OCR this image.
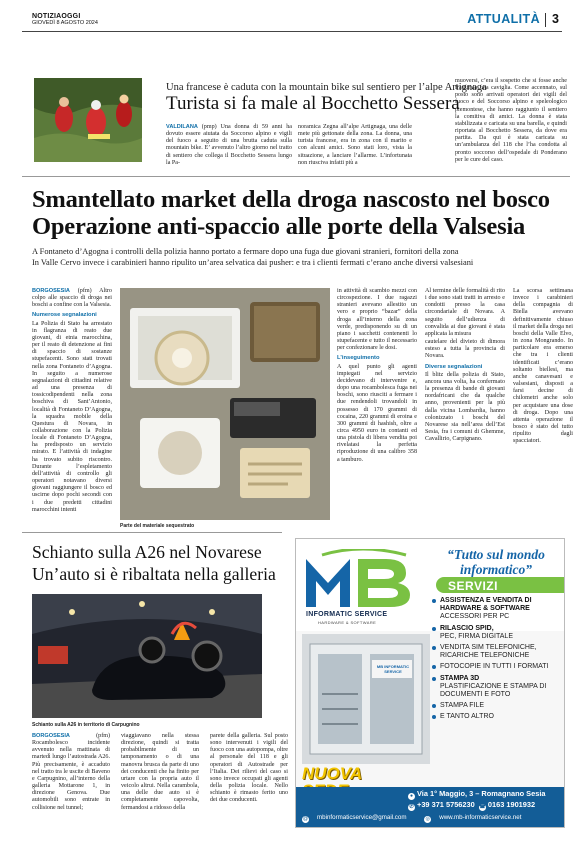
NOTIZIAOGGI
GIOVEDÌ 8 AGOSTO 2024	ATTUALITÀ 3
Una francese è caduta con la mountain bike sul sentiero per l’alpe Artignaga
Turista si fa male al Bocchetto Sessera
VALDILANA (pmp) Una donna di 59 anni ha dovuto essere aiutata da Soccorso alpino e vigili del fuoco a seguito di una brutta caduta sulla mountain bike. E’ avvenuto l’altro giorno nel tratto di sentiero che collega il Bocchetto Sessera lungo la Pa-
noramica Zegna all’alpe Artignaga, una delle mete più gettonate della zona. La donna, una turista francese, era in zona con il marito e con alcuni amici. Sono stati loro, vista la situazione, a lanciare l’allarme. L’infortunata non riusciva infatti più a
muoversi, c’era il sospetto che si fosse anche fratturata una caviglia. Come accennato, sul posto sono arrivati operatori dei vigili del fuoco e del Soccorso alpino e speleologico piemontese, che hanno raggiunto il sentiero la comitiva di amici. La donna è stata stabilizzata e caricata su una barella, e quindi riportata al Bocchetto Sessera, da dove era partita. Da qui è stata caricata su un’ambulanza del 118 che l’ha condotta al pronto soccorso dell’ospedale di Ponderano per le cure del caso.
Smantellato market della droga nascosto nel bosco
Operazione anti-spaccio alle porte della Valsesia
A Fontaneto d’Agogna i controlli della polizia hanno portato a fermare dopo una fuga due giovani stranieri, fornitori della zona
In Valle Cervo invece i carabinieri hanno ripulito un’area selvatica dai pusher: e tra i clienti fermati c’erano anche diversi valsesiani

BORGOSESIA (pfm) Altro colpo alle spaccio di droga nei boschi a confine con la Valsesia.

Numerose segnalazioni

La Polizia di Stato ha arrestato in flagranza di reato due giovani, di etnia marocchina, per il reato di detenzione ai fini di spaccio di sostanze stupefacenti. Sono stati trovati nella zona Fontaneto d’Agogna. In seguito a numerose segnalazioni di cittadini relative ad una presenza di tossicodipendenti nella zona boschiva di Sant’Antonio, località di Fontaneto D’Agogna, la squadra mobile della Questura di Novara, in collaborazione con la Polizia locale di Fontaneto D’Agogna, ha predisposto un servizio mirato. E l’attività di indagine ha trovato subito riscontro. Durante l’espletamento dell’attività di controllo gli operatori notavano diversi giovani raggiungere il bosco ed uscirne dopo pochi secondi con i due predetti cittadini marocchini intenti

Parte del materiale sequestrato

in attività di scambio mezzi con circospezione. I due ragazzi stranieri avevano allestito un vero e proprio “bazar” della droga all’interno della zona verde, predisponendo su di un piano i sacchetti contenenti lo stupefacente e tutto il necessario per confezionare le dosi.

L’inseguimento

A quel punto gli agenti impiegati nel servizio decidevano di intervenire e, dopo una rocambolesca fuga nei boschi, sono riusciti a fermare i due rendendoli trovandoli in possesso di 170 grammi di cocaina, 220 grammi di eroina e 300 grammi di hashish, oltre a circa 4950 euro in contanti ed una pistola di libera vendita poi rivelatasi la perfetta riproduzione di una calibro 358 a tamburo.

Al termine delle formalità di rito i due sono stati tratti in arresto e condotti presso la casa circondariale di Novara. A seguito dell’udienza di convalida ai due giovani è stata applicata la misura

cautelare del divieto di dimora esteso a tutta la provincia di Novara.

Diverse segnalazioni

Il blitz della polizia di Stato, ancora una volta, ha confermato la presenza di bande di giovani nordafricani che da qualche anno, provenienti per la più dalla vicina Lombardia, hanno colonizzato i boschi del Novarese sia nell’area dell’Est Sesia, fra i comuni di Ghemme, Cavallirio, Carpignano.

La scorsa settimana invece i carabinieri della compagnia di Biella avevano definitivamente chiuso il market della droga nei boschi della Valle Elvo, in zona Mongrando. In particolare era emerso che tra i clienti identificati c’erano soltanto biellesi, ma anche canavesani e valsesiani, disposti a farsi decine di chilometri anche solo per acquistare una dose di droga. Dopo una attenta operazione il bosco è stato del tutto ripulito dagli spacciatori.
Schianto sulla A26 nel Novarese
Un’auto si è ribaltata nella galleria
Schianto sulla A26 in territorio di Carpugnino
BORGOSESIA	(pfm) Rocambolesco incidente avvenuto nella mattinata di martedì lungo l’autostrada A26. Più precisamente, è accaduto nel tratto tra le uscite di Baveno e Carpugnino, all’interno della galleria Mottarone 1, in direzione Genova. Due automobili sono entrate in collisione nel tunnel;
viaggiavano nella stessa direzione, quindi si tratta probabilmente di un tamponamento o di una manovra brusca da parte di uno dei conducenti che ha finito per urtare con la propria auto il veicolo altrui. Nella carambola, una delle due auto si è completamente capovolta, fermandosi a ridosso della
parete della galleria. Sul posto sono intervenuti i vigili del fuoco con una autopompa, oltre al personale del 118 e gli operatori di Autostrade per l’Italia. Dei rilievi del caso si sono invece occupati gli agenti della polizia locale. Nello schianto è rimasto ferito uno dei due conducenti.
INFORMATIC SERVICE
HARDWARE & SOFTWARE
“Tutto sul mondo informatico”
SERVIZI
MB INFORMATIC SERVICE
NUOVA
ASSISTENZA E VENDITA DI HARDWARE & SOFTWARE
ACCESSORI PER PC
RILASCIO SPID,
PEC, FIRMA DIGITALE
VENDITA SIM TELEFONICHE, RICARICHE TELEFONICHE
FOTOCOPIE IN TUTTI I FORMATI
STAMPA 3D
PLASTIFICAZIONE E STAMPA DI DOCUMENTI E FOTO
STAMPA FILE
E TANTO ALTRO
● Via 1° Maggio, 3 – Romagnano Sesia
✆ +39 371 5756230 ☎ 0163 1901932
@ mbinformaticservice@gmail.com	◎ www.mb-informaticservice.net
